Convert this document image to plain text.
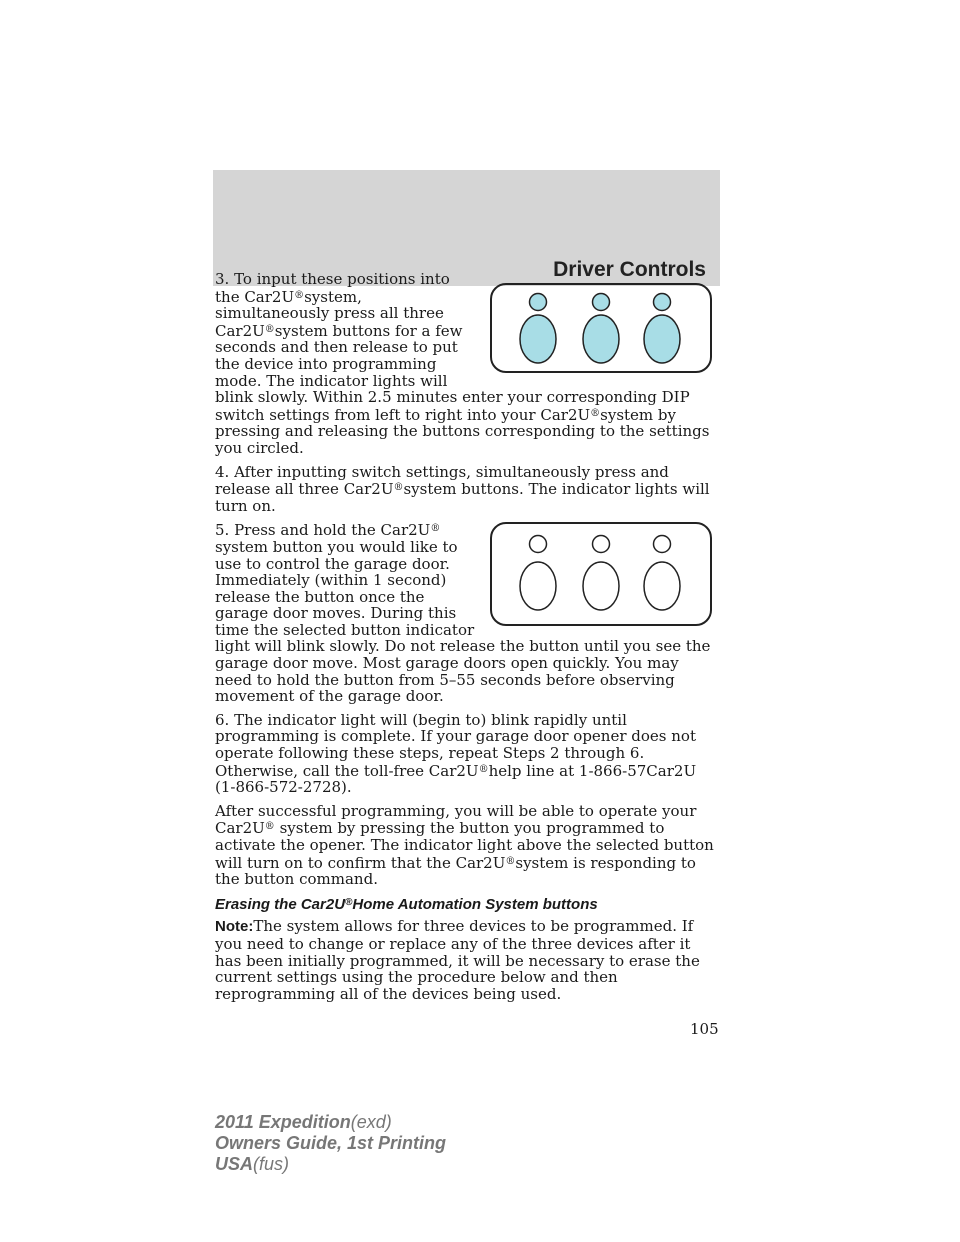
Driver Controls

3. To input these positions into the Car2U®system, simultaneously press all three Car2U®system buttons for a few seconds and then release to put the device into programming mode. The indicator lights will blink slowly. Within 2.5 minutes enter your corresponding DIP switch settings from left to right into your Car2U®system by pressing and releasing the buttons corresponding to the settings you circled.

4. After inputting switch settings, simultaneously press and release all three Car2U®system buttons. The indicator lights will turn on.

5. Press and hold the Car2U® system button you would like to use to control the garage door. Immediately (within 1 second) release the button once the garage door moves. During this time the selected button indicator light will blink slowly. Do not release the button until you see the garage door move. Most garage doors open quickly. You may need to hold the button from 5–55 seconds before observing movement of the garage door.

6. The indicator light will (begin to) blink rapidly until programming is complete. If your garage door opener does not operate following these steps, repeat Steps 2 through 6. Otherwise, call the toll-free Car2U®help line at 1-866-57Car2U (1-866-572-2728).

After successful programming, you will be able to operate your Car2U® system by pressing the button you programmed to activate the opener. The indicator light above the selected button will turn on to confirm that the Car2U®system is responding to the button command.

Erasing the Car2U®Home Automation System buttons

Note:The system allows for three devices to be programmed. If you need to change or replace any of the three devices after it has been initially programmed, it will be necessary to erase the current settings using the procedure below and then reprogramming all of the devices being used.

105
2011 Expedition(exd)
Owners Guide, 1st Printing
USA(fus)
